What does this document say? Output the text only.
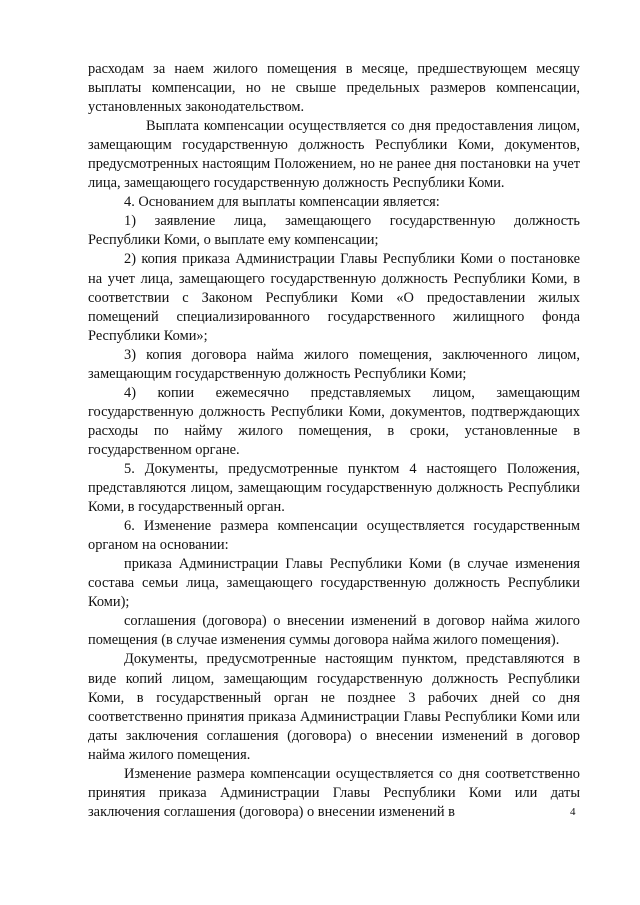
расходам за наем жилого помещения в месяце, предшествующем месяцу выплаты компенсации, но не свыше предельных размеров компенсации, установленных законодательством.

Выплата компенсации осуществляется со дня предоставления лицом, замещающим государственную должность Республики Коми, документов, предусмотренных настоящим Положением, но не ранее дня постановки на учет лица, замещающего государственную должность Республики Коми.

4. Основанием для выплаты компенсации является:

1) заявление лица, замещающего государственную должность Республики Коми, о выплате ему компенсации;

2) копия приказа Администрации Главы Республики Коми о постановке на учет лица, замещающего государственную должность Республики Коми, в соответствии с Законом Республики Коми «О предоставлении жилых помещений специализированного государственного жилищного фонда Республики Коми»;

3) копия договора найма жилого помещения, заключенного лицом, замещающим государственную должность Республики Коми;

4) копии ежемесячно представляемых лицом, замещающим государственную должность Республики Коми, документов, подтверждающих расходы по найму жилого помещения, в сроки, установленные в государственном органе.

5. Документы, предусмотренные пунктом 4 настоящего Положения, представляются лицом, замещающим государственную должность Республики Коми, в государственный орган.

6. Изменение размера компенсации осуществляется государственным органом на основании:

приказа Администрации Главы Республики Коми (в случае изменения состава семьи лица, замещающего государственную должность Республики Коми);

соглашения (договора) о внесении изменений в договор найма жилого помещения (в случае изменения суммы договора найма жилого помещения).

Документы, предусмотренные настоящим пунктом, представляются в виде копий лицом, замещающим государственную должность Республики Коми, в государственный орган не позднее 3 рабочих дней со дня соответственно принятия приказа Администрации Главы Республики Коми или даты заключения соглашения (договора) о внесении изменений в договор найма жилого помещения.

Изменение размера компенсации осуществляется со дня соответственно принятия приказа Администрации Главы Республики Коми или даты заключения соглашения (договора) о внесении изменений в	4
